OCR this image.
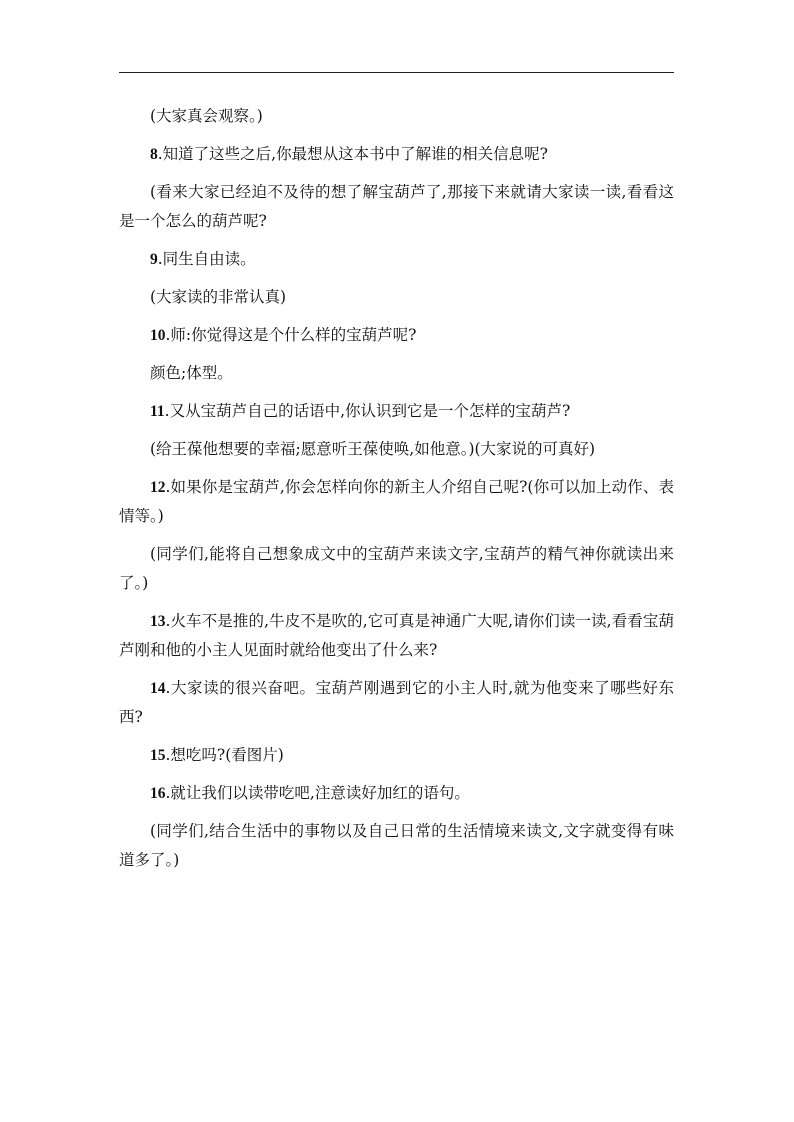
(大家真会观察。)

8.知道了这些之后,你最想从这本书中了解谁的相关信息呢?

(看来大家已经迫不及待的想了解宝葫芦了,那接下来就请大家读一读,看看这是一个怎么的葫芦呢?

9.同生自由读。

(大家读的非常认真)

10.师:你觉得这是个什么样的宝葫芦呢?

颜色;体型。

11.又从宝葫芦自己的话语中,你认识到它是一个怎样的宝葫芦?

(给王葆他想要的幸福;愿意听王葆使唤,如他意。)(大家说的可真好)

12.如果你是宝葫芦,你会怎样向你的新主人介绍自己呢?(你可以加上动作、表情等。)

(同学们,能将自己想象成文中的宝葫芦来读文字,宝葫芦的精气神你就读出来了。)

13.火车不是推的,牛皮不是吹的,它可真是神通广大呢,请你们读一读,看看宝葫芦刚和他的小主人见面时就给他变出了什么来?

14.大家读的很兴奋吧。宝葫芦刚遇到它的小主人时,就为他变来了哪些好东西?

15.想吃吗?(看图片)

16.就让我们以读带吃吧,注意读好加红的语句。

(同学们,结合生活中的事物以及自己日常的生活情境来读文,文字就变得有味道多了。)
